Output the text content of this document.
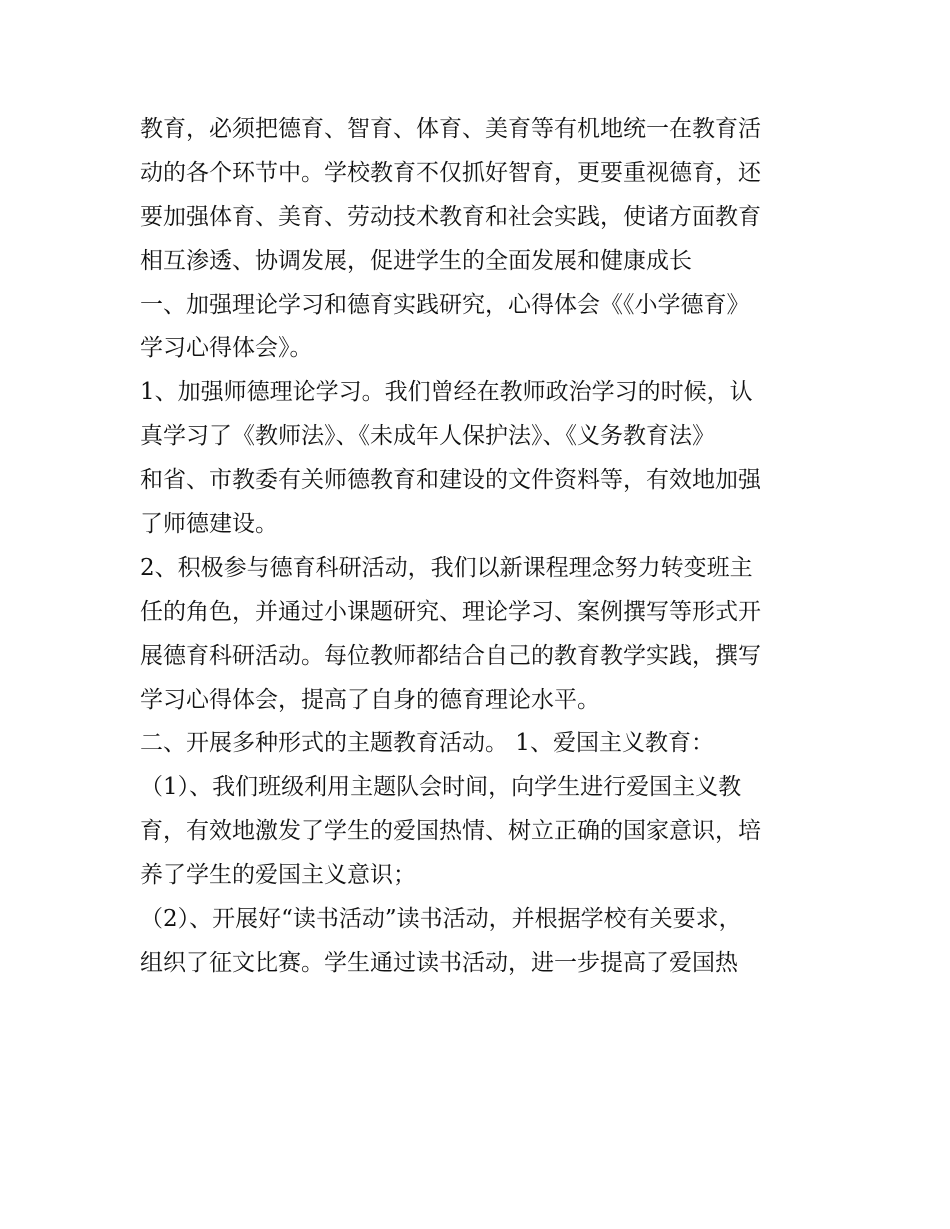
教育，必须把德育、智育、体育、美育等有机地统一在教育活
动的各个环节中。学校教育不仅抓好智育，更要重视德育，还
要加强体育、美育、劳动技术教育和社会实践，使诸方面教育
相互渗透、协调发展，促进学生的全面发展和健康成长
一、加强理论学习和德育实践研究，心得体会《《小学德育》
学习心得体会》。
1、加强师德理论学习。我们曾经在教师政治学习的时候，认
真学习了《教师法》、《未成年人保护法》、《义务教育法》
和省、市教委有关师德教育和建设的文件资料等，有效地加强
了师德建设。
2、积极参与德育科研活动，我们以新课程理念努力转变班主
任的角色，并通过小课题研究、理论学习、案例撰写等形式开
展德育科研活动。每位教师都结合自己的教育教学实践，撰写
学习心得体会，提高了自身的德育理论水平。
二、开展多种形式的主题教育活动。 1、爱国主义教育：
（1）、我们班级利用主题队会时间，向学生进行爱国主义教
育，有效地激发了学生的爱国热情、树立正确的国家意识，培
养了学生的爱国主义意识；
（2）、开展好“读书活动”读书活动，并根据学校有关要求，
组织了征文比赛。学生通过读书活动，进一步提高了爱国热
